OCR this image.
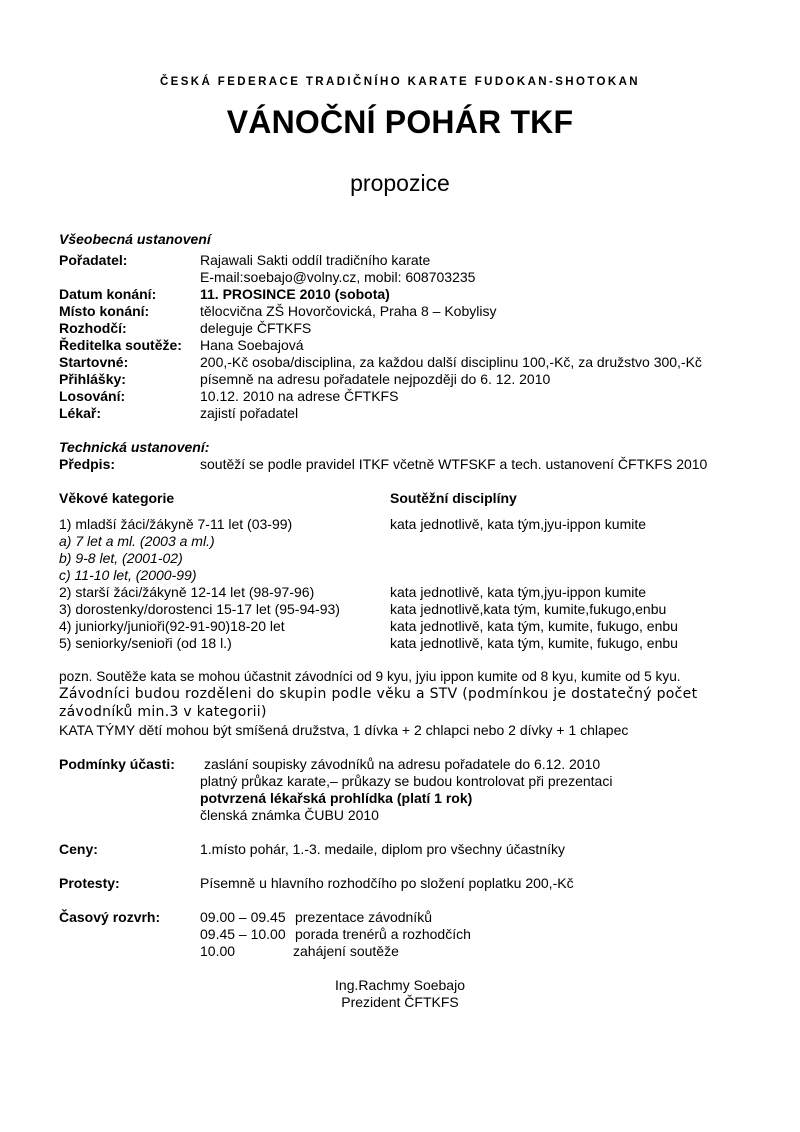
ČESKÁ FEDERACE TRADIČNÍHO KARATE FUDOKAN-SHOTOKAN
VÁNOČNÍ POHÁR TKF
propozice
Všeobecná ustanovení
Pořadatel:	Rajawali Sakti oddíl tradičního karate
E-mail:soebajo@volny.cz, mobil: 608703235
Datum konání:	11. PROSINCE 2010 (sobota)
Místo konání:	tělocvična ZŠ Hovorčovická, Praha 8 – Kobylisy
Rozhodčí:	deleguje ČFTKFS
Ředitelka soutěže: Hana Soebajová
Startovné:	200,-Kč osoba/disciplina, za každou další disciplinu 100,-Kč, za družstvo 300,-Kč
Přihlášky:	písemně na adresu pořadatele nejpozději do 6. 12. 2010
Losování:	10.12. 2010 na adrese ČFTKFS
Lékař:	zajistí pořadatel
Technická ustanovení:
Předpis:	soutěží se podle pravidel ITKF včetně WTFSKF a tech. ustanovení ČFTKFS 2010
Věkové kategorie	Soutěžní disciplíny
1) mladší žáci/žákyně 7-11 let (03-99)	kata jednotlivě, kata tým,jyu-ippon kumite
a) 7 let a ml. (2003 a ml.)
b) 9-8 let, (2001-02)
c) 11-10 let, (2000-99)
2) starší žáci/žákyně 12-14 let (98-97-96)	kata jednotlivě, kata tým,jyu-ippon kumite
3) dorostenky/dorostenci 15-17 let (95-94-93)	kata jednotlivě,kata tým, kumite,fukugo,enbu
4) juniorky/junioři(92-91-90)18-20 let	kata jednotlivě, kata tým, kumite, fukugo, enbu
5) seniorky/senioři (od 18 l.)	kata jednotlivě, kata tým, kumite, fukugo, enbu
pozn. Soutěže kata se mohou účastnit závodníci od 9 kyu, jyiu ippon kumite od 8 kyu, kumite od 5 kyu.
Závodníci budou rozděleni do skupin podle věku a STV (podmínkou je dostatečný počet
závodníků min.3 v kategorii)
KATA TÝMY dětí mohou být smíšená družstva, 1 dívka + 2 chlapci nebo 2 dívky + 1 chlapec
Podmínky účasti: zaslání soupisky závodníků na adresu pořadatele do 6.12. 2010
platný průkaz karate,– průkazy se budou kontrolovat při prezentaci
potvrzená lékařská prohlídka (platí 1 rok)
členská známka ČUBU 2010
Ceny:	1.místo pohár, 1.-3. medaile, diplom pro všechny účastníky
Protesty:	Písemně u hlavního rozhodčího po složení poplatku 200,-Kč
Časový rozvrh:	09.00 – 09.45 prezentace závodníků
09.45 – 10.00 porada trenérů a rozhodčích
10.00	zahájení soutěže
Ing.Rachmy Soebajo
Prezident ČFTKFS
